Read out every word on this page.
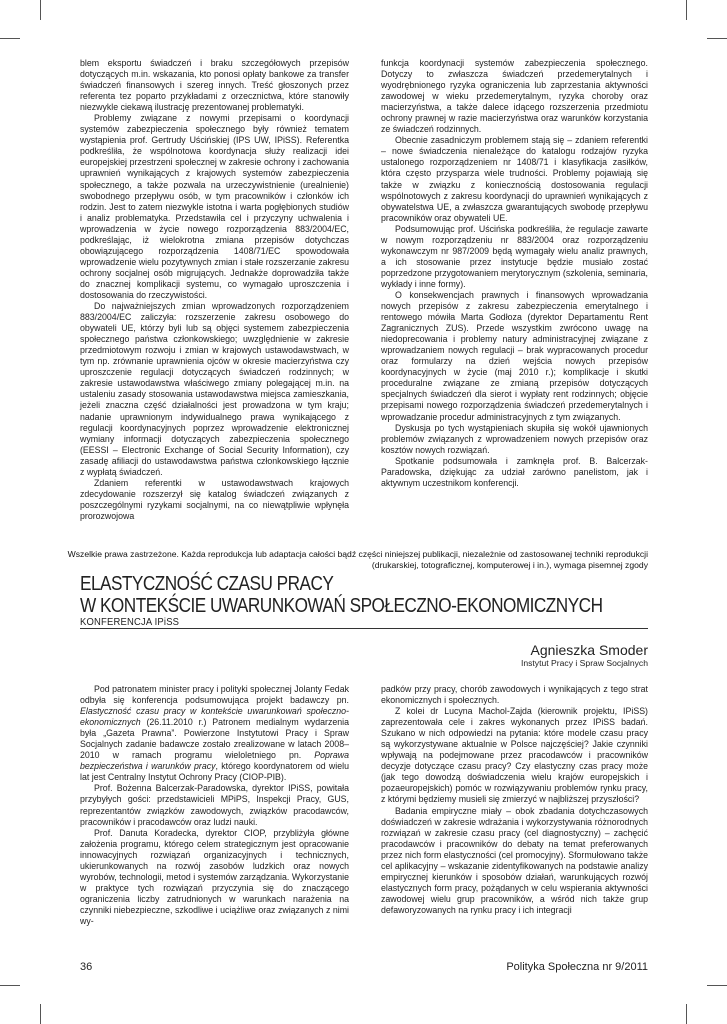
blem eksportu świadczeń i braku szczegółowych przepisów dotyczących m.in. wskazania, kto ponosi opłaty bankowe za transfer świadczeń finansowych i szereg innych. Treść głoszonych przez referenta tez poparto przykładami z orzecznictwa, które stanowiły niezwykle ciekawą ilustrację prezentowanej problematyki.

Problemy związane z nowymi przepisami o koordynacji systemów zabezpieczenia społecznego były również tematem wystąpienia prof. Gertrudy Uścińskiej (IPS UW, IPiSS). Referentka podkreśliła, że wspólnotowa koordynacja służy realizacji idei europejskiej przestrzeni społecznej w zakresie ochrony i zachowania uprawnień wynikających z krajowych systemów zabezpieczenia społecznego, a także pozwala na urzeczywistnienie (urealnienie) swobodnego przepływu osób, w tym pracowników i członków ich rodzin. Jest to zatem niezwykle istotna i warta pogłębionych studiów i analiz problematyka. Przedstawiła cel i przyczyny uchwalenia i wprowadzenia w życie nowego rozporządzenia 883/2004/EC, podkreślając, iż wielokrotna zmiana przepisów dotychczas obowiązującego rozporządzenia 1408/71/EC spowodowała wprowadzenie wielu pozytywnych zmian i stałe rozszerzanie zakresu ochrony socjalnej osób migrujących. Jednakże doprowadziła także do znacznej komplikacji systemu, co wymagało uproszczenia i dostosowania do rzeczywistości.

Do najważniejszych zmian wprowadzonych rozporządzeniem 883/2004/EC zaliczyła: rozszerzenie zakresu osobowego do obywateli UE, którzy byli lub są objęci systemem zabezpieczenia społecznego państwa członkowskiego; uwzględnienie w zakresie przedmiotowym rozwoju i zmian w krajowych ustawodawstwach, w tym np. zrównanie uprawnienia ojców w okresie macierzyństwa czy uproszczenie regulacji dotyczących świadczeń rodzinnych; w zakresie ustawodawstwa właściwego zmiany polegającej m.in. na ustaleniu zasady stosowania ustawodawstwa miejsca zamieszkania, jeżeli znaczna część działalności jest prowadzona w tym kraju; nadanie uprawnionym indywidualnego prawa wynikającego z regulacji koordynacyjnych poprzez wprowadzenie elektronicznej wymiany informacji dotyczących zabezpieczenia społecznego (EESSI – Electronic Exchange of Social Security Information), czy zasadę afiliacji do ustawodawstwa państwa członkowskiego łącznie z wypłatą świadczeń.

Zdaniem referentki w ustawodawstwach krajowych zdecydowanie rozszerzył się katalog świadczeń związanych z poszczególnymi ryzykami socjalnymi, na co niewątpliwie wpłynęła prorozwojowa

funkcja koordynacji systemów zabezpieczenia społecznego. Dotyczy to zwłaszcza świadczeń przedemerytalnych i wyodrębnionego ryzyka ograniczenia lub zaprzestania aktywności zawodowej w wieku przedemerytalnym, ryzyka choroby oraz macierzyństwa, a także dalece idącego rozszerzenia przedmiotu ochrony prawnej w razie macierzyństwa oraz warunków korzystania ze świadczeń rodzinnych.

Obecnie zasadniczym problemem stają się – zdaniem referentki – nowe świadczenia nienależące do katalogu rodzajów ryzyka ustalonego rozporządzeniem nr 1408/71 i klasyfikacja zasiłków, która często przysparza wiele trudności. Problemy pojawiają się także w związku z koniecznością dostosowania regulacji wspólnotowych z zakresu koordynacji do uprawnień wynikających z obywatelstwa UE, a zwłaszcza gwarantujących swobodę przepływu pracowników oraz obywateli UE.

Podsumowując prof. Uścińska podkreśliła, że regulacje zawarte w nowym rozporządzeniu nr 883/2004 oraz rozporządzeniu wykonawczym nr 987/2009 będą wymagały wielu analiz prawnych, a ich stosowanie przez instytucje będzie musiało zostać poprzedzone przygotowaniem merytorycznym (szkolenia, seminaria, wykłady i inne formy).

O konsekwencjach prawnych i finansowych wprowadzania nowych przepisów z zakresu zabezpieczenia emerytalnego i rentowego mówiła Marta Godłoza (dyrektor Departamentu Rent Zagranicznych ZUS). Przede wszystkim zwrócono uwagę na niedoprecowania i problemy natury administracyjnej związane z wprowadzaniem nowych regulacji – brak wypracowanych procedur oraz formularzy na dzień wejścia nowych przepisów koordynacyjnych w życie (maj 2010 r.); komplikacje i skutki proceduralne związane ze zmianą przepisów dotyczących specjalnych świadczeń dla sierot i wypłaty rent rodzinnych; objęcie przepisami nowego rozporządzenia świadczeń przedemerytalnych i wprowadzanie procedur administracyjnych z tym związanych.

Dyskusja po tych wystąpieniach skupiła się wokół ujawnionych problemów związanych z wprowadzeniem nowych przepisów oraz kosztów nowych rozwiązań.

Spotkanie podsumowała i zamknęła prof. B. Balcerzak-Paradowska, dziękując za udział zarówno panelistom, jak i aktywnym uczestnikom konferencji.

Wszelkie prawa zastrzeżone. Każda reprodukcja lub adaptacja całości bądź części niniejszej publikacji, niezależnie od zastosowanej techniki reprodukcji (drukarskiej, totograficznej, komputerowej i in.), wymaga pisemnej zgody
ELASTYCZNOŚĆ CZASU PRACY
W KONTEKŚCIE UWARUNKOWAŃ SPOŁECZNO-EKONOMICZNYCH
KONFERENCJA IPiSS
Agnieszka Smoder
Instytut Pracy i Spraw Socjalnych

Pod patronatem minister pracy i polityki społecznej Jolanty Fedak odbyła się konferencja podsumowująca projekt badawczy pn. Elastyczność czasu pracy w kontekście uwarunkowań społeczno-ekonomicznych (26.11.2010 r.) Patronem medialnym wydarzenia była „Gazeta Prawna”. Powierzone Instytutowi Pracy i Spraw Socjalnych zadanie badawcze zostało zrealizowane w latach 2008–2010 w ramach programu wieloletniego pn. Poprawa bezpieczeństwa i warunków pracy, którego koordynatorem od wielu lat jest Centralny Instytut Ochrony Pracy (CIOP-PIB).

Prof. Bożenna Balcerzak-Paradowska, dyrektor IPiSS, powitała przybyłych gości: przedstawicieli MPiPS, Inspekcji Pracy, GUS, reprezentantów związków zawodowych, związków pracodawców, pracowników i pracodawców oraz ludzi nauki.

Prof. Danuta Koradecka, dyrektor CIOP, przybliżyła główne założenia programu, którego celem strategicznym jest opracowanie innowacyjnych rozwiązań organizacyjnych i technicznych, ukierunkowanych na rozwój zasobów ludzkich oraz nowych wyrobów, technologii, metod i systemów zarządzania. Wykorzystanie w praktyce tych rozwiązań przyczynia się do znaczącego ograniczenia liczby zatrudnionych w warunkach narażenia na czynniki niebezpieczne, szkodliwe i uciążliwe oraz związanych z nimi wy-

padków przy pracy, chorób zawodowych i wynikających z tego strat ekonomicznych i społecznych.

Z kolei dr Lucyna Machol-Zajda (kierownik projektu, IPiSS) zaprezentowała cele i zakres wykonanych przez IPiSS badań. Szukano w nich odpowiedzi na pytania: które modele czasu pracy są wykorzystywane aktualnie w Polsce najczęściej? Jakie czynniki wpływają na podejmowane przez pracodawców i pracowników decyzje dotyczące czasu pracy? Czy elastyczny czas pracy może (jak tego dowodzą doświadczenia wielu krajów europejskich i pozaeuropejskich) pomóc w rozwiązywaniu problemów rynku pracy, z którymi będziemy musieli się zmierzyć w najbliższej przyszłości?

Badania empiryczne miały – obok zbadania dotychczasowych doświadczeń w zakresie wdrażania i wykorzystywania różnorodnych rozwiązań w zakresie czasu pracy (cel diagnostyczny) – zachęcić pracodawców i pracowników do debaty na temat preferowanych przez nich form elastyczności (cel promocyjny). Sformułowano także cel aplikacyjny – wskazanie zidentyfikowanych na podstawie analizy empirycznej kierunków i sposobów działań, warunkujących rozwój elastycznych form pracy, pożądanych w celu wspierania aktywności zawodowej wielu grup pracowników, a wśród nich także grup defaworyzowanych na rynku pracy i ich integracji

36	Polityka Społeczna nr 9/2011
